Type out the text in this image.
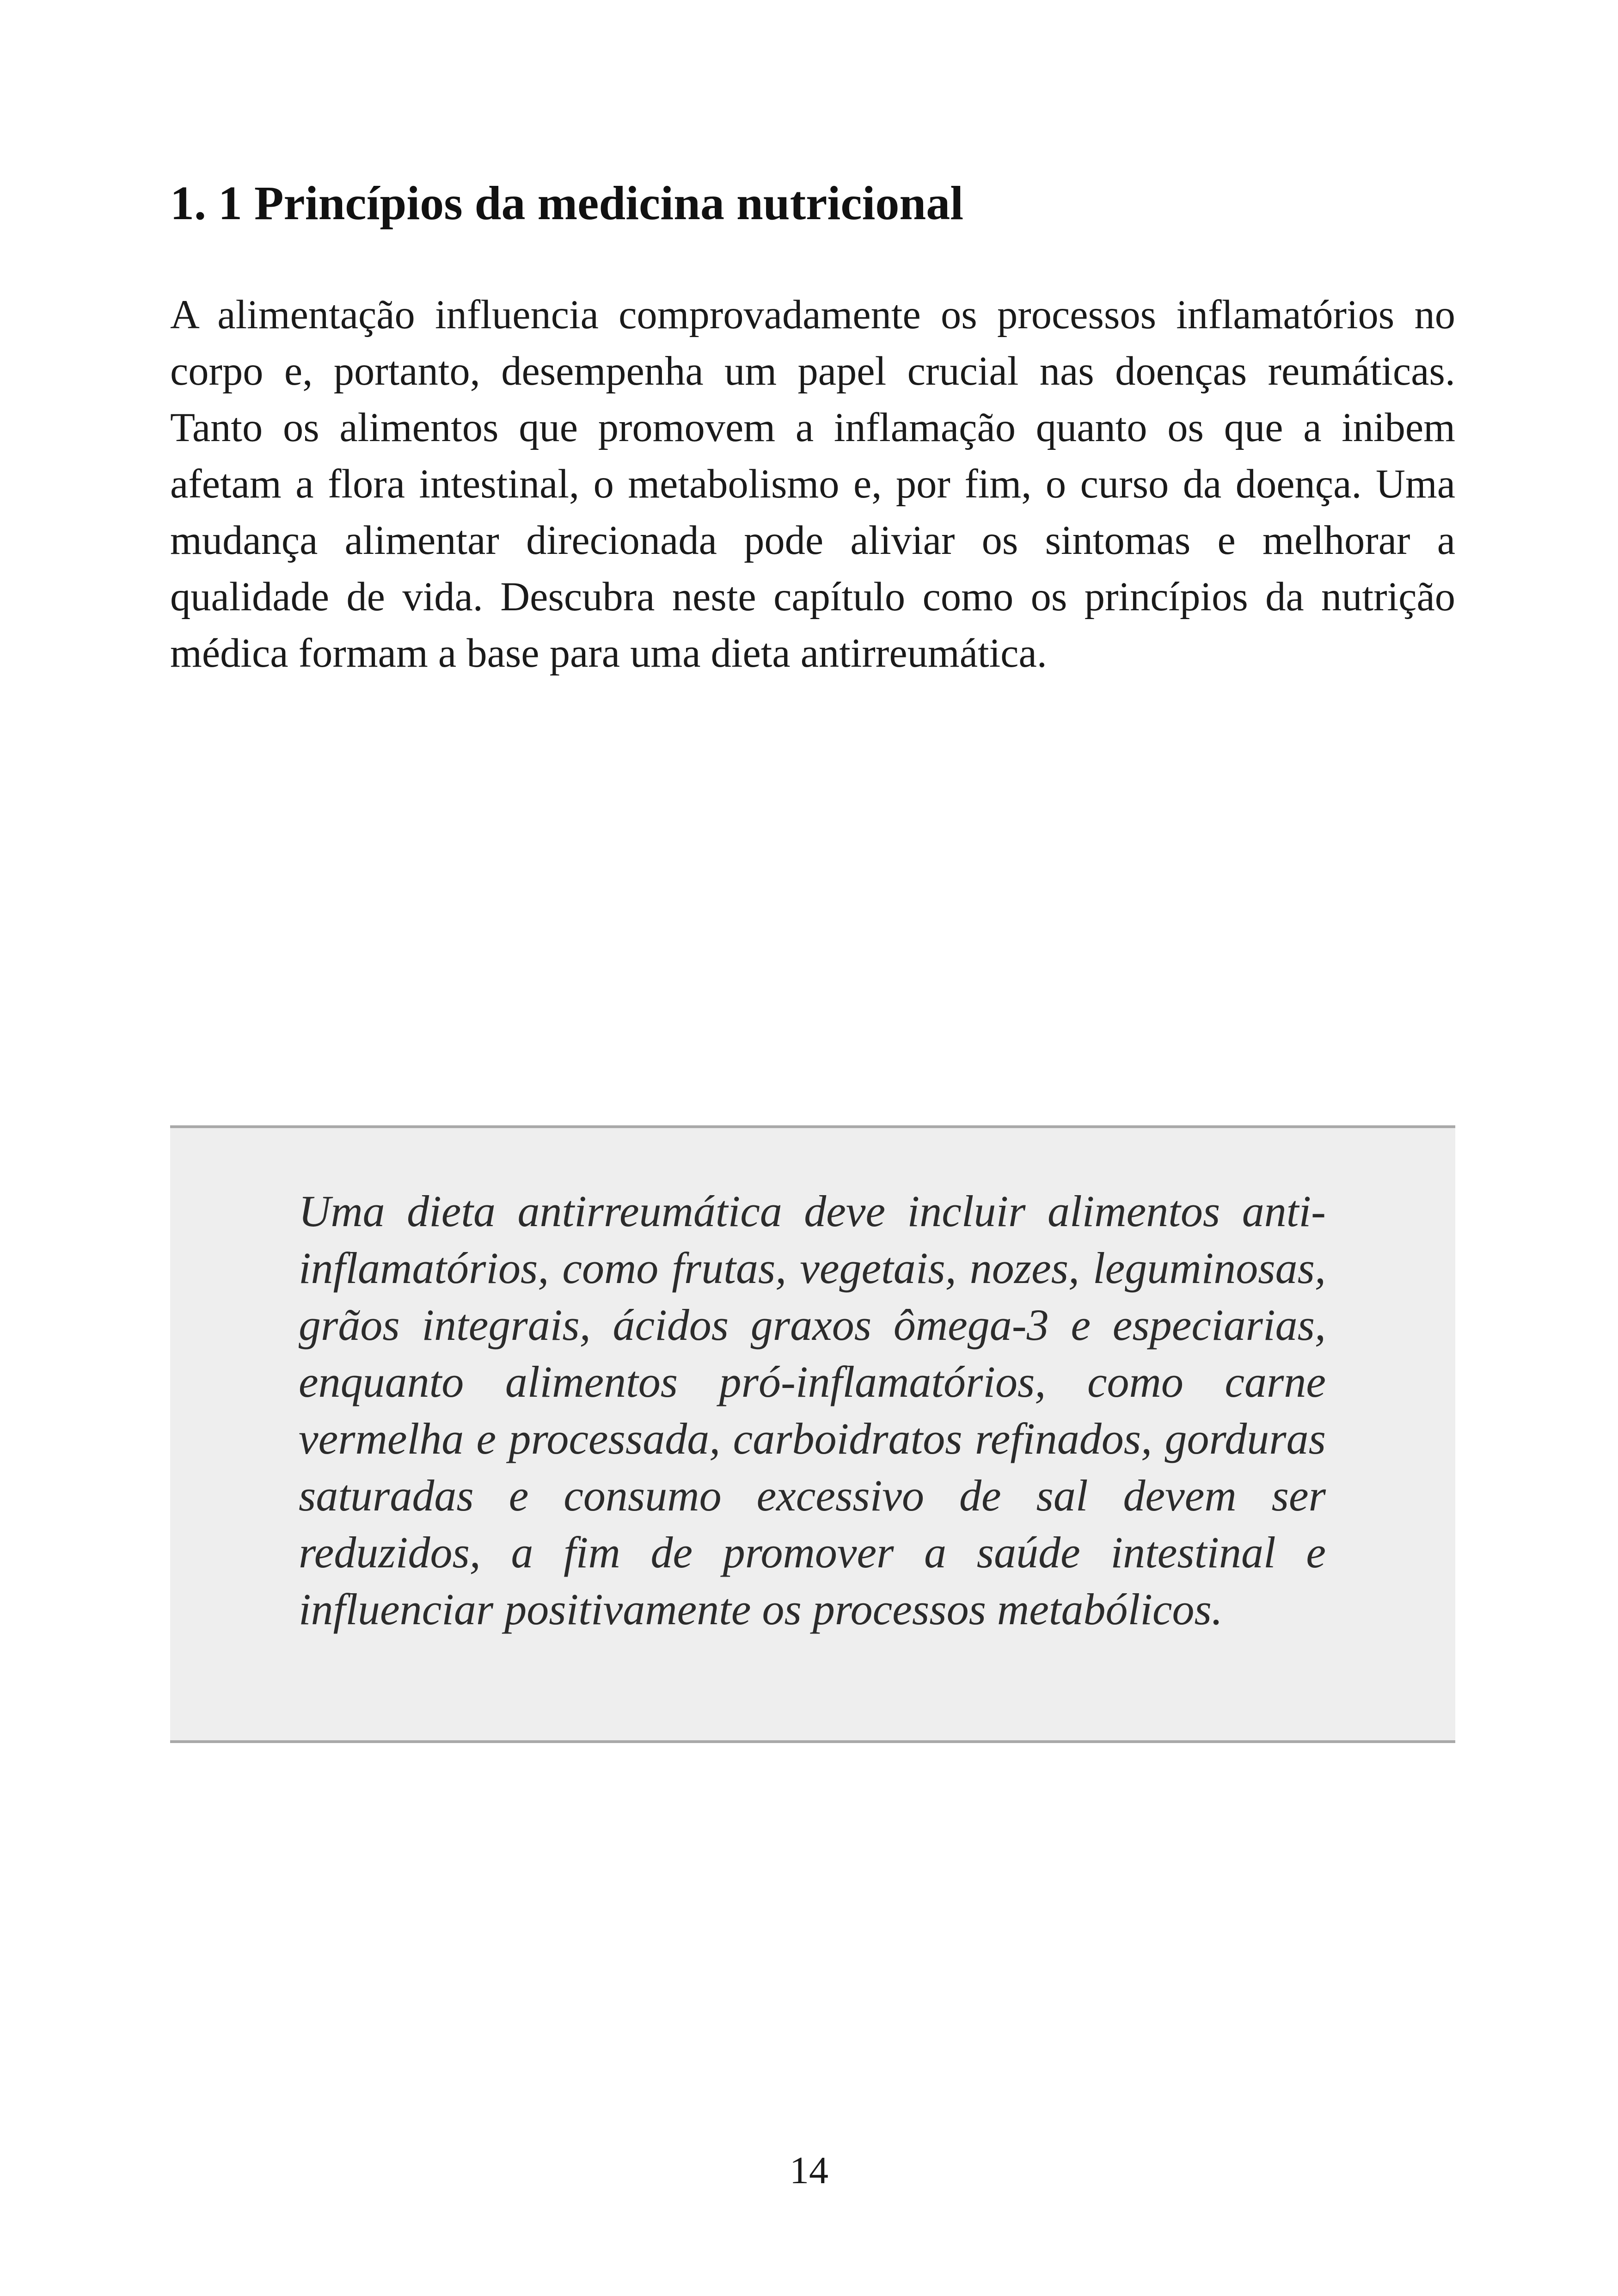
1. 1 Princípios da medicina nutricional

A alimentação influencia comprovadamente os processos inflamatórios no corpo e, portanto, desempenha um papel crucial nas doenças reumáticas. Tanto os alimentos que promovem a inflamação quanto os que a inibem afetam a flora intestinal, o metabolismo e, por fim, o curso da doença. Uma mudança alimentar direcionada pode aliviar os sintomas e melhorar a qualidade de vida. Descubra neste capítulo como os princípios da nutrição médica formam a base para uma dieta antirreumática.

Uma dieta antirreumática deve incluir alimentos anti-inflamatórios, como frutas, vegetais, nozes, leguminosas, grãos integrais, ácidos graxos ômega-3 e especiarias, enquanto alimentos pró-inflamatórios, como carne vermelha e processada, carboidratos refinados, gorduras saturadas e consumo excessivo de sal devem ser reduzidos, a fim de promover a saúde intestinal e influenciar positivamente os processos metabólicos.

14
